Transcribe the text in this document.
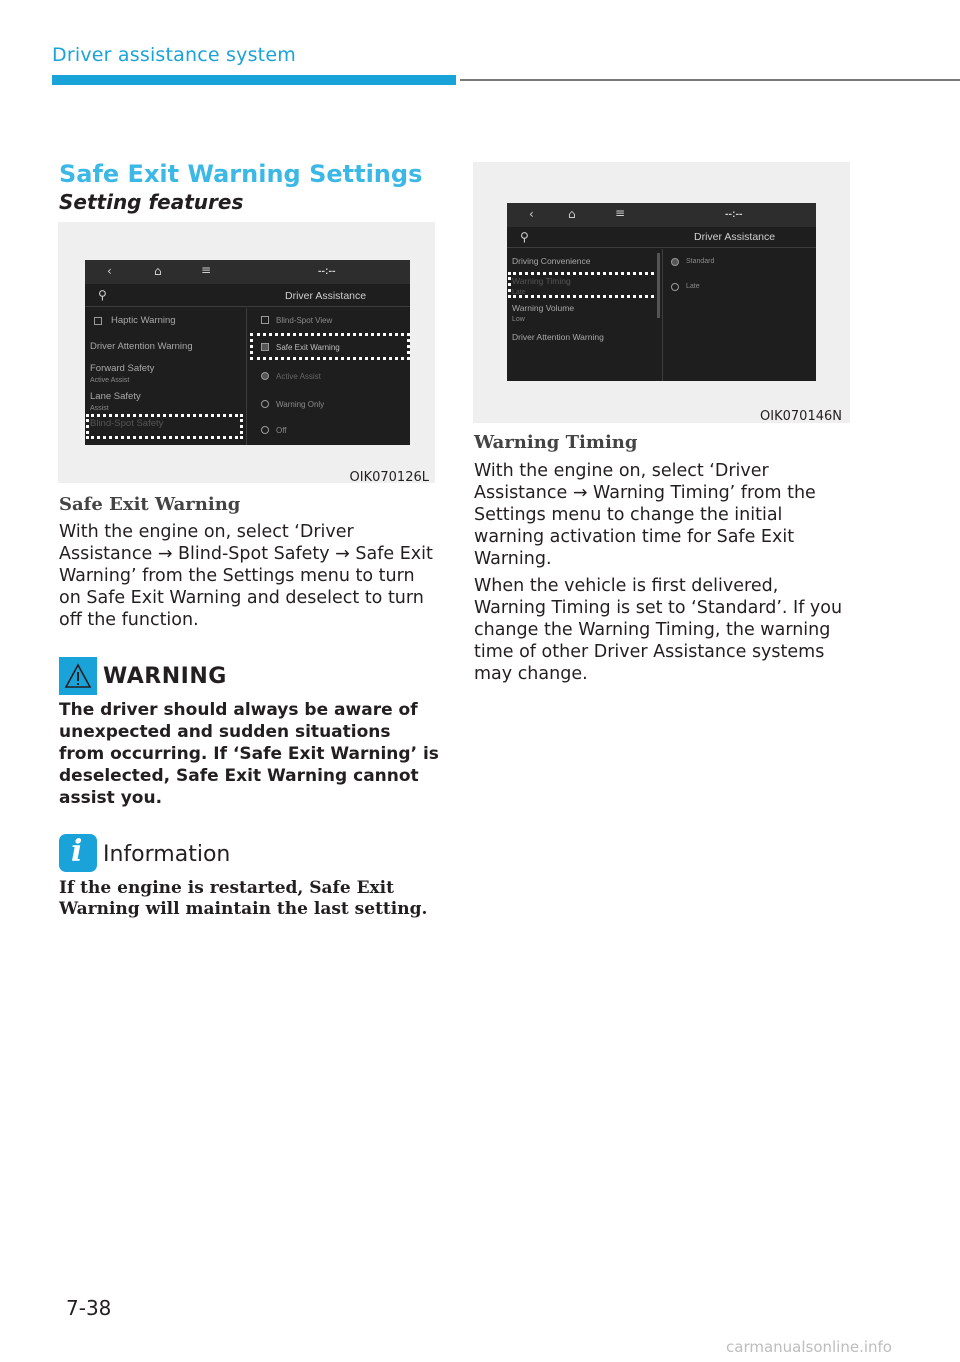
Driver assistance system
Safe Exit Warning Settings
Setting features
‹	⌂	≡	--:--
⚲	Driver Assistance
Haptic Warning
Driver Attention Warning
Forward Safety
Active Assist
Lane Safety
Assist
Blind-Spot Safety
Blind-Spot View
Safe Exit Warning
Active Assist
Warning Only
Off
OIK070126L
Safe Exit Warning
With the engine on, select ‘Driver
Assistance → Blind-Spot Safety → Safe Exit
Warning’ from the Settings menu to turn
on Safe Exit Warning and deselect to turn
off the function.
WARNING
The driver should always be aware of
unexpected and sudden situations
from occurring. If ‘Safe Exit Warning’ is
deselected, Safe Exit Warning cannot
assist you.
i Information
If the engine is restarted, Safe Exit
Warning will maintain the last setting.
‹	⌂	≡	--:--
⚲	Driver Assistance
Driving Convenience
Warning Timing
Late
Warning Volume
Low
Driver Attention Warning
Standard
Late
OIK070146N
Warning Timing
With the engine on, select ‘Driver
Assistance → Warning Timing’ from the
Settings menu to change the initial
warning activation time for Safe Exit
Warning.
When the vehicle is first delivered,
Warning Timing is set to ‘Standard’. If you
change the Warning Timing, the warning
time of other Driver Assistance systems
may change.
7-38
carmanualsonline.info
